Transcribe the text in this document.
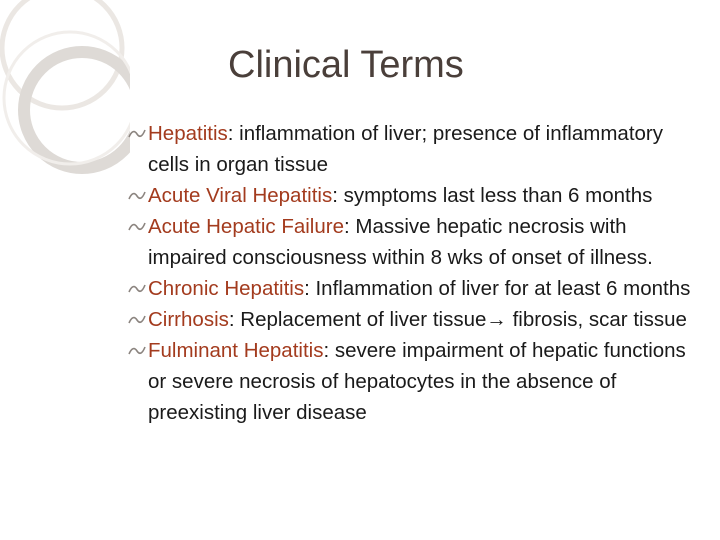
Clinical Terms
Hepatitis: inflammation of liver; presence of inflammatory cells in organ tissue
Acute Viral Hepatitis: symptoms last less than 6 months
Acute Hepatic Failure: Massive hepatic necrosis with impaired consciousness within 8 wks of onset of illness.
Chronic Hepatitis: Inflammation of liver for at least 6 months
Cirrhosis: Replacement of liver tissue→ fibrosis, scar tissue
Fulminant Hepatitis: severe impairment of hepatic functions or severe necrosis of hepatocytes in the absence of preexisting liver disease
